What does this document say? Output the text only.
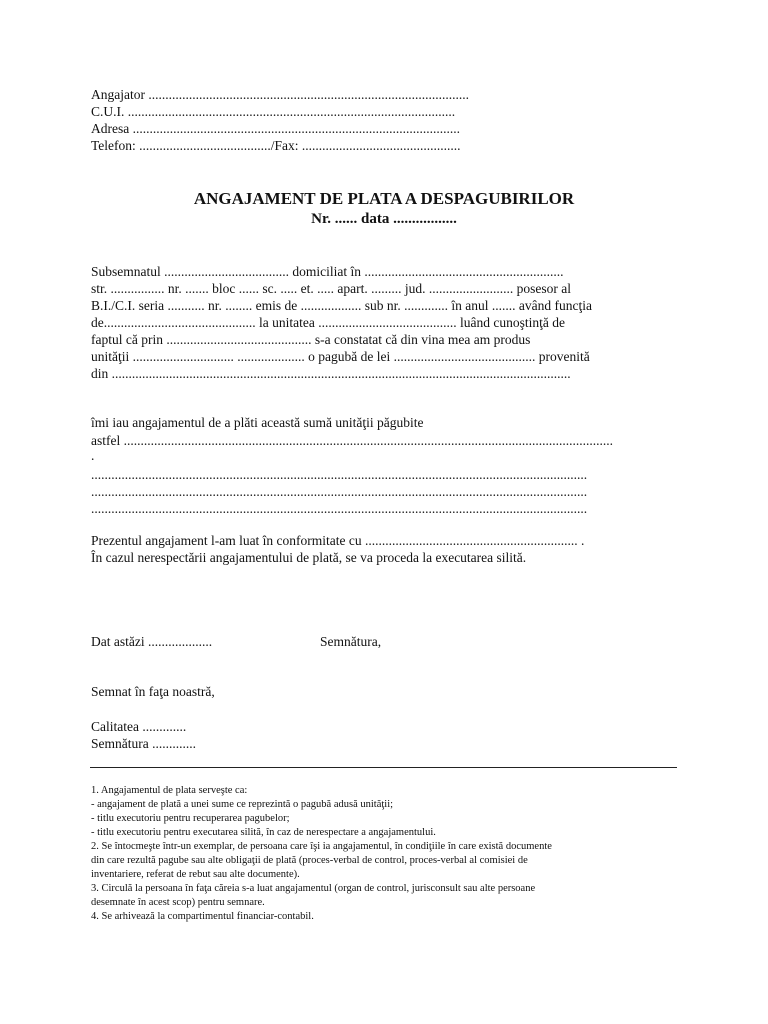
Angajator ...............................................................................................

C.U.I. .................................................................................................

Adresa .................................................................................................

Telefon: ......................................./Fax: ...............................................

ANGAJAMENT DE PLATA A DESPAGUBIRILOR
Nr. ...... data .................

Subsemnatul ..................................... domiciliat în ...........................................................

str. ................ nr. ....... bloc ...... sc. ..... et. ..... apart. ......... jud. ......................... posesor al

B.I./C.I. seria ........... nr. ........ emis de .................. sub nr. ............. în anul ....... având funcţia

de............................................. la unitatea ......................................... luând cunoştinţă de

faptul că prin ........................................... s-a constatat că din vina mea am produs

unităţii .............................. .................... o pagubă de lei .......................................... provenită

din ........................................................................................................................................

îmi iau angajamentul de a plăti această sumă unităţii păgubite

astfel .................................................................................................................................................

.

...................................................................................................................................................

...................................................................................................................................................

...................................................................................................................................................

Prezentul angajament l-am luat în conformitate cu ............................................................... .

În cazul nerespectării angajamentului de plată, se va proceda la executarea silită.

Dat astăzi ...................	Semnătura,

Semnat în faţa noastră,

Calitatea .............

Semnătura .............

1. Angajamentul de plata serveşte ca:

- angajament de plată a unei sume ce reprezintă o pagubă adusă unităţii;

- titlu executoriu pentru recuperarea pagubelor;

- titlu executoriu pentru executarea silită, în caz de nerespectare a angajamentului.

2. Se întocmeşte într-un exemplar, de persoana care îşi ia angajamentul, în condiţiile în care există documente

din care rezultă pagube sau alte obligaţii de plată (proces-verbal de control, proces-verbal al comisiei de

inventariere, referat de rebut sau alte documente).

3. Circulă la persoana în faţa căreia s-a luat angajamentul (organ de control, jurisconsult sau alte persoane

desemnate în acest scop) pentru semnare.

4. Se arhivează la compartimentul financiar-contabil.
